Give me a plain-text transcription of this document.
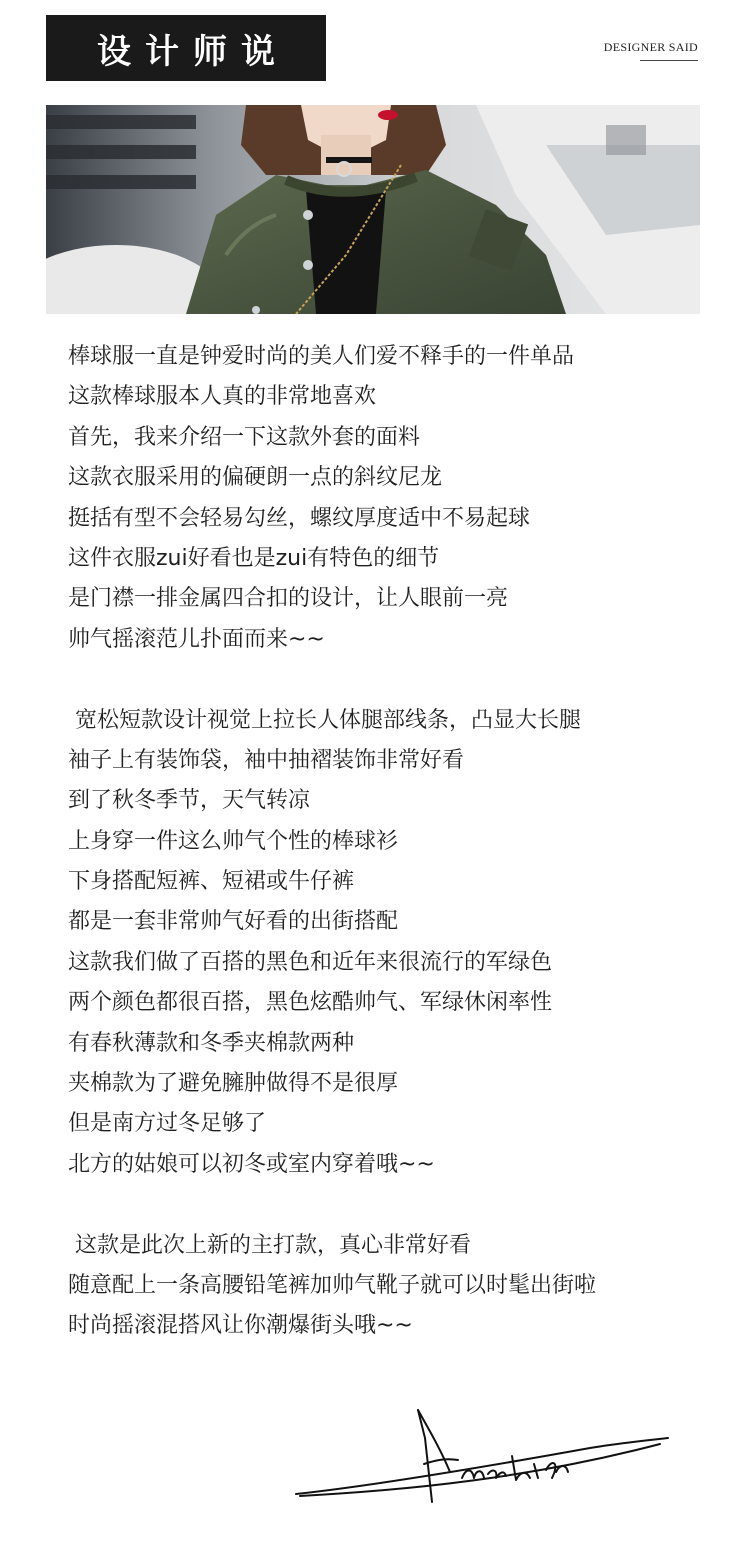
设计师说	DESIGNER SAID
棒球服一直是钟爱时尚的美人们爱不释手的一件单品
这款棒球服本人真的非常地喜欢
首先，我来介绍一下这款外套的面料
这款衣服采用的偏硬朗一点的斜纹尼龙
挺括有型不会轻易勾丝，螺纹厚度适中不易起球
这件衣服zui好看也是zui有特色的细节
是门襟一排金属四合扣的设计，让人眼前一亮
帅气摇滚范儿扑面而来~~
宽松短款设计视觉上拉长人体腿部线条，凸显大长腿
袖子上有装饰袋，袖中抽褶装饰非常好看
到了秋冬季节，天气转凉
上身穿一件这么帅气个性的棒球衫
下身搭配短裤、短裙或牛仔裤
都是一套非常帅气好看的出街搭配
这款我们做了百搭的黑色和近年来很流行的军绿色
两个颜色都很百搭，黑色炫酷帅气、军绿休闲率性
有春秋薄款和冬季夹棉款两种
夹棉款为了避免臃肿做得不是很厚
但是南方过冬足够了
北方的姑娘可以初冬或室内穿着哦~~
这款是此次上新的主打款，真心非常好看
随意配上一条高腰铅笔裤加帅气靴子就可以时髦出街啦
时尚摇滚混搭风让你潮爆街头哦~~
